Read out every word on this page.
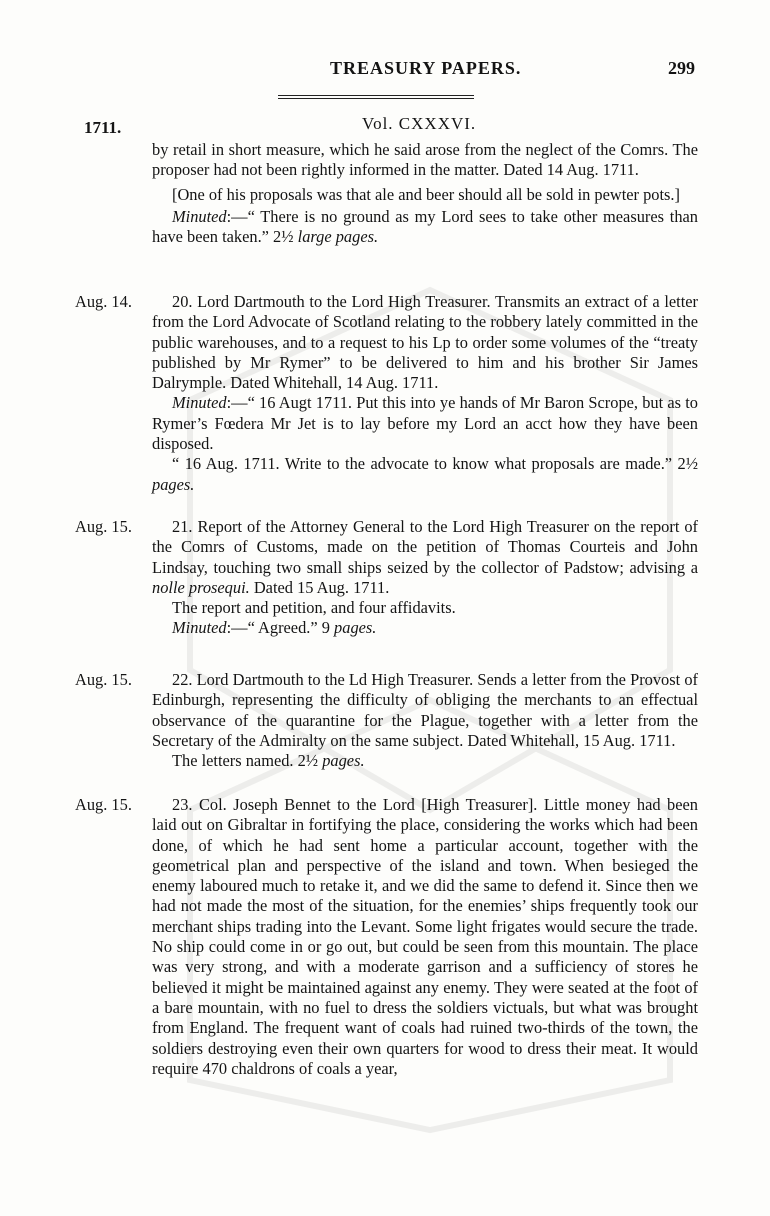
TREASURY PAPERS.	299
1711.	Vol. CXXXVI.

by retail in short measure, which he said arose from the neglect of the Comrs. The proposer had not been rightly informed in the matter. Dated 14 Aug. 1711.

[One of his proposals was that ale and beer should all be sold in pewter pots.]

Minuted:—“ There is no ground as my Lord sees to take other measures than have been taken.” 2½ large pages.

Aug. 14.	20. Lord Dartmouth to the Lord High Treasurer. Transmits an extract of a letter from the Lord Advocate of Scotland relating to the robbery lately committed in the public warehouses, and to a request to his Lp to order some volumes of the “treaty published by Mr Rymer” to be delivered to him and his brother Sir James Dalrymple. Dated Whitehall, 14 Aug. 1711.

Minuted:—“ 16 Augt 1711. Put this into ye hands of Mr Baron Scrope, but as to Rymer’s Fœdera Mr Jet is to lay before my Lord an acct how they have been disposed.

“ 16 Aug. 1711. Write to the advocate to know what proposals are made.” 2½ pages.

Aug. 15.	21. Report of the Attorney General to the Lord High Treasurer on the report of the Comrs of Customs, made on the petition of Thomas Courteis and John Lindsay, touching two small ships seized by the collector of Padstow; advising a nolle prosequi. Dated 15 Aug. 1711.

The report and petition, and four affidavits.

Minuted:—“ Agreed.” 9 pages.

Aug. 15.	22. Lord Dartmouth to the Ld High Treasurer. Sends a letter from the Provost of Edinburgh, representing the difficulty of obliging the merchants to an effectual observance of the quarantine for the Plague, together with a letter from the Secretary of the Admiralty on the same subject. Dated Whitehall, 15 Aug. 1711.

The letters named. 2½ pages.

Aug. 15.	23. Col. Joseph Bennet to the Lord [High Treasurer]. Little money had been laid out on Gibraltar in fortifying the place, considering the works which had been done, of which he had sent home a particular account, together with the geometrical plan and perspective of the island and town. When besieged the enemy laboured much to retake it, and we did the same to defend it. Since then we had not made the most of the situation, for the enemies’ ships frequently took our merchant ships trading into the Levant. Some light frigates would secure the trade. No ship could come in or go out, but could be seen from this mountain. The place was very strong, and with a moderate garrison and a sufficiency of stores he believed it might be maintained against any enemy. They were seated at the foot of a bare mountain, with no fuel to dress the soldiers victuals, but what was brought from England. The frequent want of coals had ruined two-thirds of the town, the soldiers destroying even their own quarters for wood to dress their meat. It would require 470 chaldrons of coals a year,
